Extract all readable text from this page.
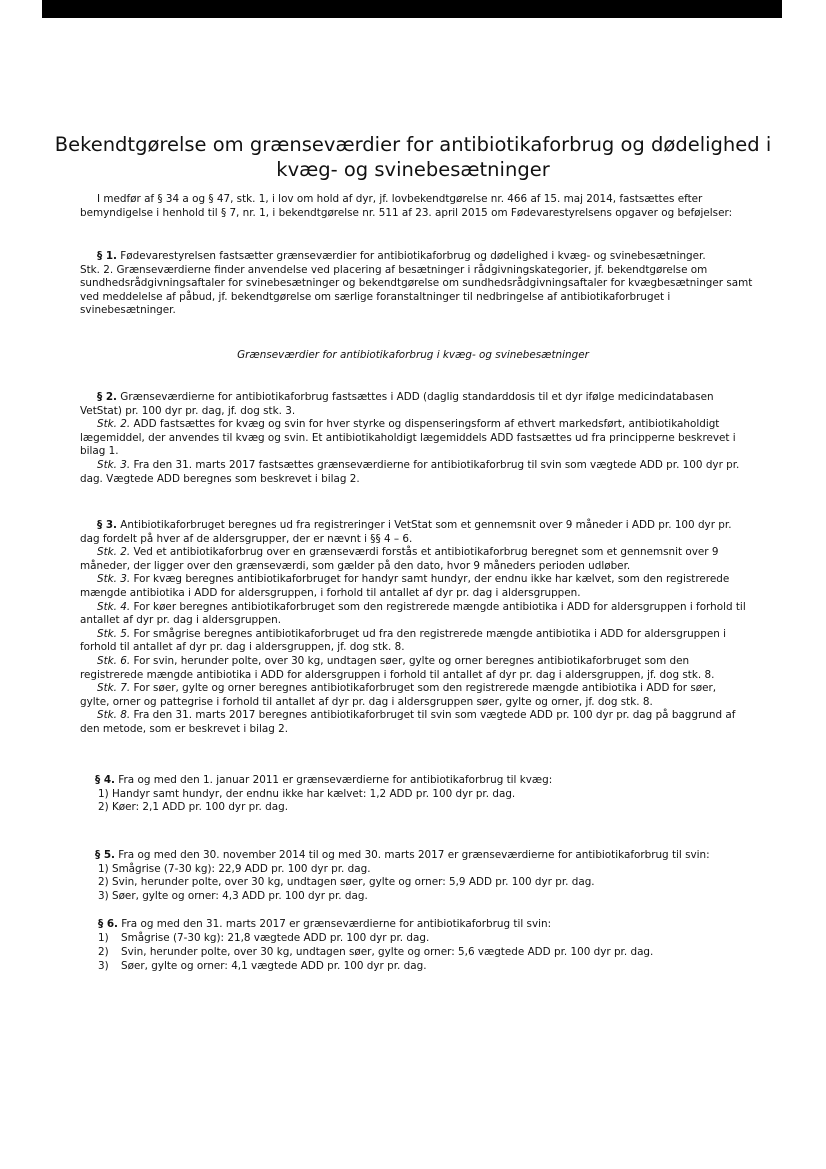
Bekendtgørelse om grænseværdier for antibiotikaforbrug og dødelighed i
kvæg- og svinebesætninger
I medfør af § 34 a og § 47, stk. 1, i lov om hold af dyr, jf. lovbekendtgørelse nr. 466 af 15. maj 2014, fastsættes efter
bemyndigelse i henhold til § 7, nr. 1, i bekendtgørelse nr. 511 af 23. april 2015 om Fødevarestyrelsens opgaver og beføjelser:
§ 1. Fødevarestyrelsen fastsætter grænseværdier for antibiotikaforbrug og dødelighed i kvæg- og svinebesætninger.
Stk. 2. Grænseværdierne finder anvendelse ved placering af besætninger i rådgivningskategorier, jf. bekendtgørelse om
sundhedsrådgivningsaftaler for svinebesætninger og bekendtgørelse om sundhedsrådgivningsaftaler for kvægbesætninger samt
ved meddelelse af påbud, jf. bekendtgørelse om særlige foranstaltninger til nedbringelse af antibiotikaforbruget i
svinebesætninger.
Grænseværdier for antibiotikaforbrug i kvæg- og svinebesætninger
§ 2. Grænseværdierne for antibiotikaforbrug fastsættes i ADD (daglig standarddosis til et dyr ifølge medicindatabasen
VetStat) pr. 100 dyr pr. dag, jf. dog stk. 3.
Stk. 2. ADD fastsættes for kvæg og svin for hver styrke og dispenseringsform af ethvert markedsført, antibiotikaholdigt
lægemiddel, der anvendes til kvæg og svin. Et antibiotikaholdigt lægemiddels ADD fastsættes ud fra principperne beskrevet i
bilag 1.
Stk. 3. Fra den 31. marts 2017 fastsættes grænseværdierne for antibiotikaforbrug til svin som vægtede ADD pr. 100 dyr pr.
dag. Vægtede ADD beregnes som beskrevet i bilag 2.
§ 3. Antibiotikaforbruget beregnes ud fra registreringer i VetStat som et gennemsnit over 9 måneder i ADD pr. 100 dyr pr.
dag fordelt på hver af de aldersgrupper, der er nævnt i §§ 4 – 6.
Stk. 2. Ved et antibiotikaforbrug over en grænseværdi forstås et antibiotikaforbrug beregnet som et gennemsnit over 9
måneder, der ligger over den grænseværdi, som gælder på den dato, hvor 9 måneders perioden udløber.
Stk. 3. For kvæg beregnes antibiotikaforbruget for handyr samt hundyr, der endnu ikke har kælvet, som den registrerede
mængde antibiotika i ADD for aldersgruppen, i forhold til antallet af dyr pr. dag i aldersgruppen.
Stk. 4. For køer beregnes antibiotikaforbruget som den registrerede mængde antibiotika i ADD for aldersgruppen i forhold til
antallet af dyr pr. dag i aldersgruppen.
Stk. 5. For smågrise beregnes antibiotikaforbruget ud fra den registrerede mængde antibiotika i ADD for aldersgruppen i
forhold til antallet af dyr pr. dag i aldersgruppen, jf. dog stk. 8.
Stk. 6. For svin, herunder polte, over 30 kg, undtagen søer, gylte og orner beregnes antibiotikaforbruget som den
registrerede mængde antibiotika i ADD for aldersgruppen i forhold til antallet af dyr pr. dag i aldersgruppen, jf. dog stk. 8.
Stk. 7. For søer, gylte og orner beregnes antibiotikaforbruget som den registrerede mængde antibiotika i ADD for søer,
gylte, orner og pattegrise i forhold til antallet af dyr pr. dag i aldersgruppen søer, gylte og orner, jf. dog stk. 8.
Stk. 8. Fra den 31. marts 2017 beregnes antibiotikaforbruget til svin som vægtede ADD pr. 100 dyr pr. dag på baggrund af
den metode, som er beskrevet i bilag 2.
§ 4. Fra og med den 1. januar 2011 er grænseværdierne for antibiotikaforbrug til kvæg:
1) Handyr samt hundyr, der endnu ikke har kælvet: 1,2 ADD pr. 100 dyr pr. dag.
2) Køer: 2,1 ADD pr. 100 dyr pr. dag.
§ 5. Fra og med den 30. november 2014 til og med 30. marts 2017 er grænseværdierne for antibiotikaforbrug til svin:
1) Smågrise (7-30 kg): 22,9 ADD pr. 100 dyr pr. dag.
2) Svin, herunder polte, over 30 kg, undtagen søer, gylte og orner: 5,9 ADD pr. 100 dyr pr. dag.
3) Søer, gylte og orner: 4,3 ADD pr. 100 dyr pr. dag.
§ 6. Fra og med den 31. marts 2017 er grænseværdierne for antibiotikaforbrug til svin:
1) Smågrise (7-30 kg): 21,8 vægtede ADD pr. 100 dyr pr. dag.
2) Svin, herunder polte, over 30 kg, undtagen søer, gylte og orner: 5,6 vægtede ADD pr. 100 dyr pr. dag.
3) Søer, gylte og orner: 4,1 vægtede ADD pr. 100 dyr pr. dag.
